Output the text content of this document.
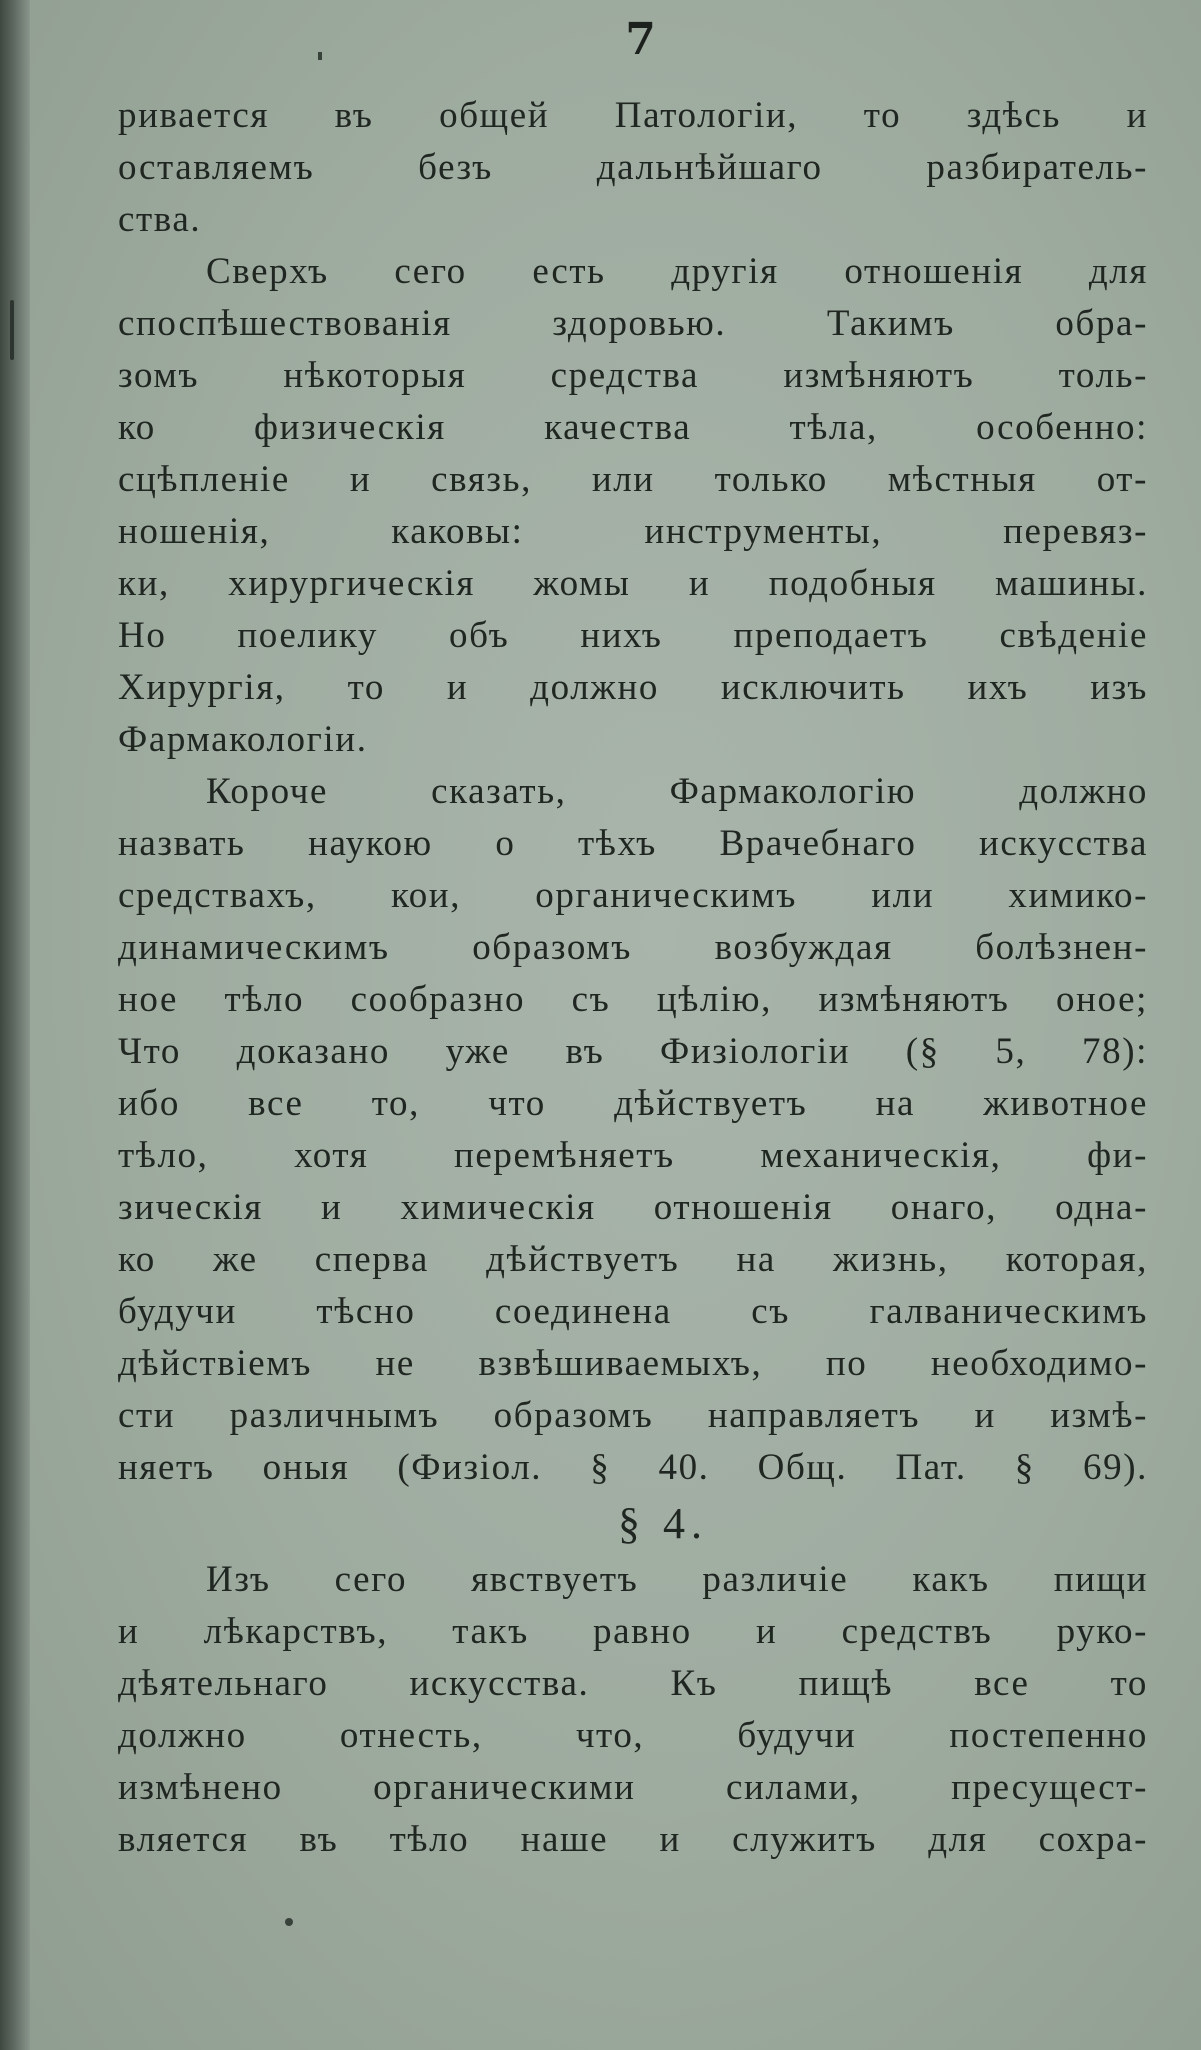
7
ривается въ общей Патологіи, то здѣсь и
оставляемъ безъ дальнѣйшаго разбиратель-
ства.
Сверхъ сего есть другія отношенія для
споспѣшествованія здоровью. Такимъ обра-
зомъ нѣкоторыя средства измѣняютъ толь-
ко физическія качества тѣла, особенно:
сцѣпленіе и связь, или только мѣстныя от-
ношенія, каковы: инструменты, перевяз-
ки, хирургическія жомы и подобныя машины.
Но поелику объ нихъ преподаетъ свѣденіе
Хирургія, то и должно исключить ихъ изъ
Фармакологіи.
Короче сказать, Фармакологію должно
назвать наукою о тѣхъ Врачебнаго искусства
средствахъ, кои, органическимъ или химико-
динамическимъ образомъ возбуждая болѣзнен-
ное тѣло сообразно съ цѣлію, измѣняютъ оное;
Что доказано уже въ Физіологіи (§ 5, 78):
ибо все то, что дѣйствуетъ на животное
тѣло, хотя перемѣняетъ механическія, фи-
зическія и химическія отношенія онаго, одна-
ко же сперва дѣйствуетъ на жизнь, которая,
будучи тѣсно соединена съ галваническимъ
дѣйствіемъ не взвѣшиваемыхъ, по необходимо-
сти различнымъ образомъ направляетъ и измѣ-
няетъ оныя (Физіол. § 40. Общ. Пат. § 69).
§ 4.
Изъ сего явствуетъ различіе какъ пищи
и лѣкарствъ, такъ равно и средствъ руко-
дѣятельнаго искусства. Къ пищѣ все то
должно отнесть, что, будучи постепенно
измѣнено органическими силами, пресущест-
вляется въ тѣло наше и служитъ для сохра-
